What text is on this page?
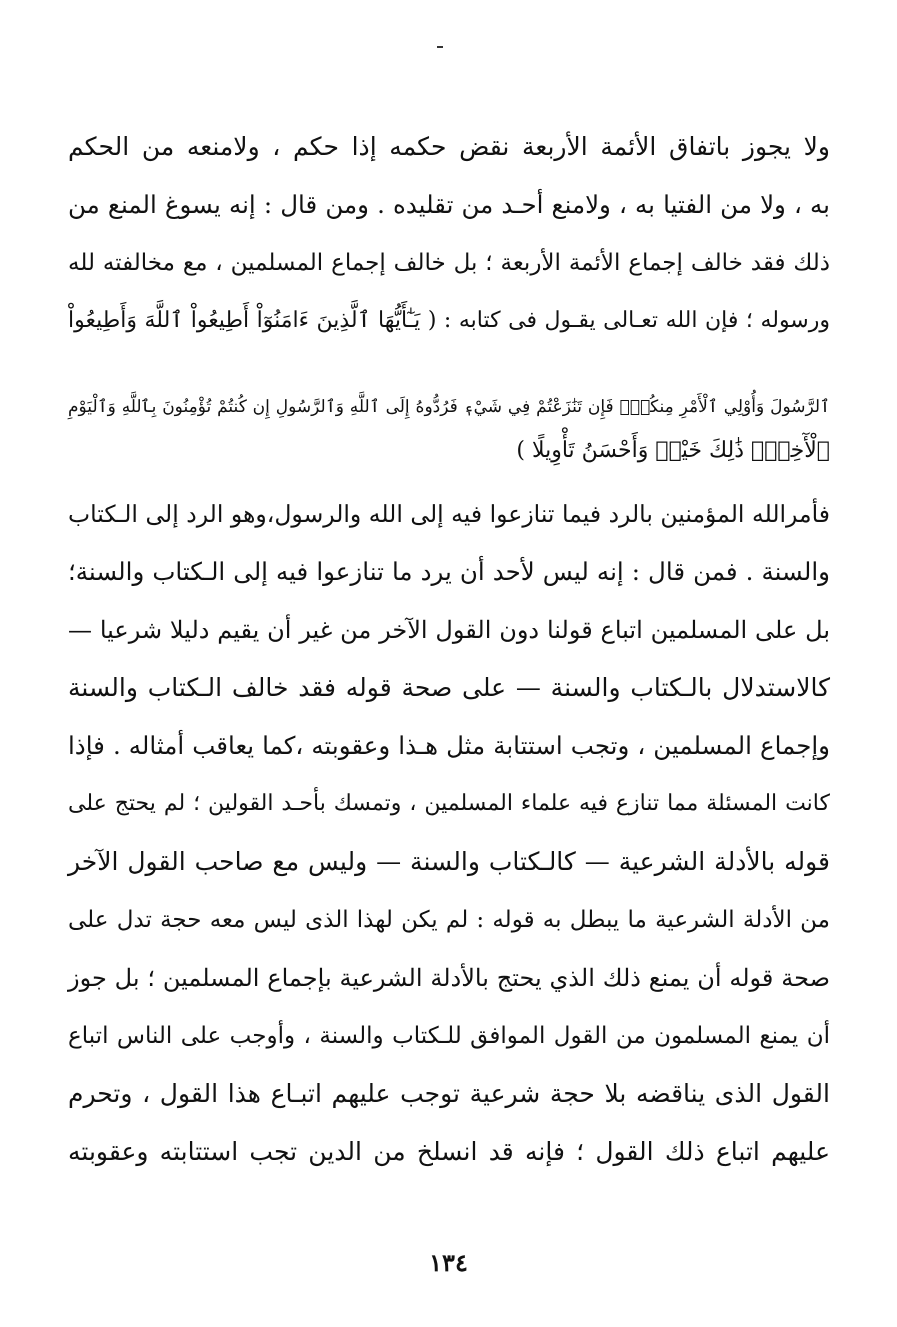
ولا يجوز باتفاق الأئمة الأربعة نقض حكمه إذا حكم ، ولامنعه من الحكم
به ، ولا من الفتيا به ، ولامنع أحـد من تقليده . ومن قال : إنه يسوغ المنع من
ذلك فقد خالف إجماع الأئمة الأربعة ؛ بل خالف إجماع المسلمين ، مع مخالفته لله
ورسوله ؛ فإن الله تعـالى يقـول فى كتابه : ( يَـٰٓأَيُّهَا ٱلَّذِينَ ءَامَنُوٓاْ أَطِيعُواْ ٱللَّهَ وَأَطِيعُواْ
ٱلرَّسُولَ وَأُوْلِي ٱلْأَمْرِ مِنكُمْۖ فَإِن تَنَٰزَعْتُمْ فِي شَيْءٖ فَرُدُّوهُ إِلَى ٱللَّهِ وَٱلرَّسُولِ إِن كُنتُمْ تُؤْمِنُونَ بِٱللَّهِ وَٱلْيَوْمِ
ٱلْأٓخِرِۚ ذَٰلِكَ خَيْرٞ وَأَحْسَنُ تَأْوِيلًا )
فأمرالله المؤمنين بالرد فيما تنازعوا فيه إلى الله والرسول،وهو الرد إلى الـكتاب
والسنة . فمن قال : إنه ليس لأحد أن يرد ما تنازعوا فيه إلى الـكتاب والسنة؛
بل على المسلمين اتباع قولنا دون القول الآخر من غير أن يقيم دليلا شرعيا —
كالاستدلال بالـكتاب والسنة — على صحة قوله فقد خالف الـكتاب والسنة
وإجماع المسلمين ، وتجب استتابة مثل هـذا وعقوبته ،كما يعاقب أمثاله . فإذا
كانت المسئلة مما تنازع فيه علماء المسلمين ، وتمسك بأحـد القولين ؛ لم يحتج على
قوله بالأدلة الشرعية — كالـكتاب والسنة — وليس مع صاحب القول الآخر
من الأدلة الشرعية ما يبطل به قوله : لم يكن لهذا الذى ليس معه حجة تدل على
صحة قوله أن يمنع ذلك الذي يحتج بالأدلة الشرعية بإجماع المسلمين ؛ بل جوز
أن يمنع المسلمون من القول الموافق للـكتاب والسنة ، وأوجب على الناس اتباع
القول الذى يناقضه بلا حجة شرعية توجب عليهم اتبـاع هذا القول ، وتحرم
عليهم اتباع ذلك القول ؛ فإنه قد انسلخ من الدين تجب استتابته وعقوبته
١٣٤
